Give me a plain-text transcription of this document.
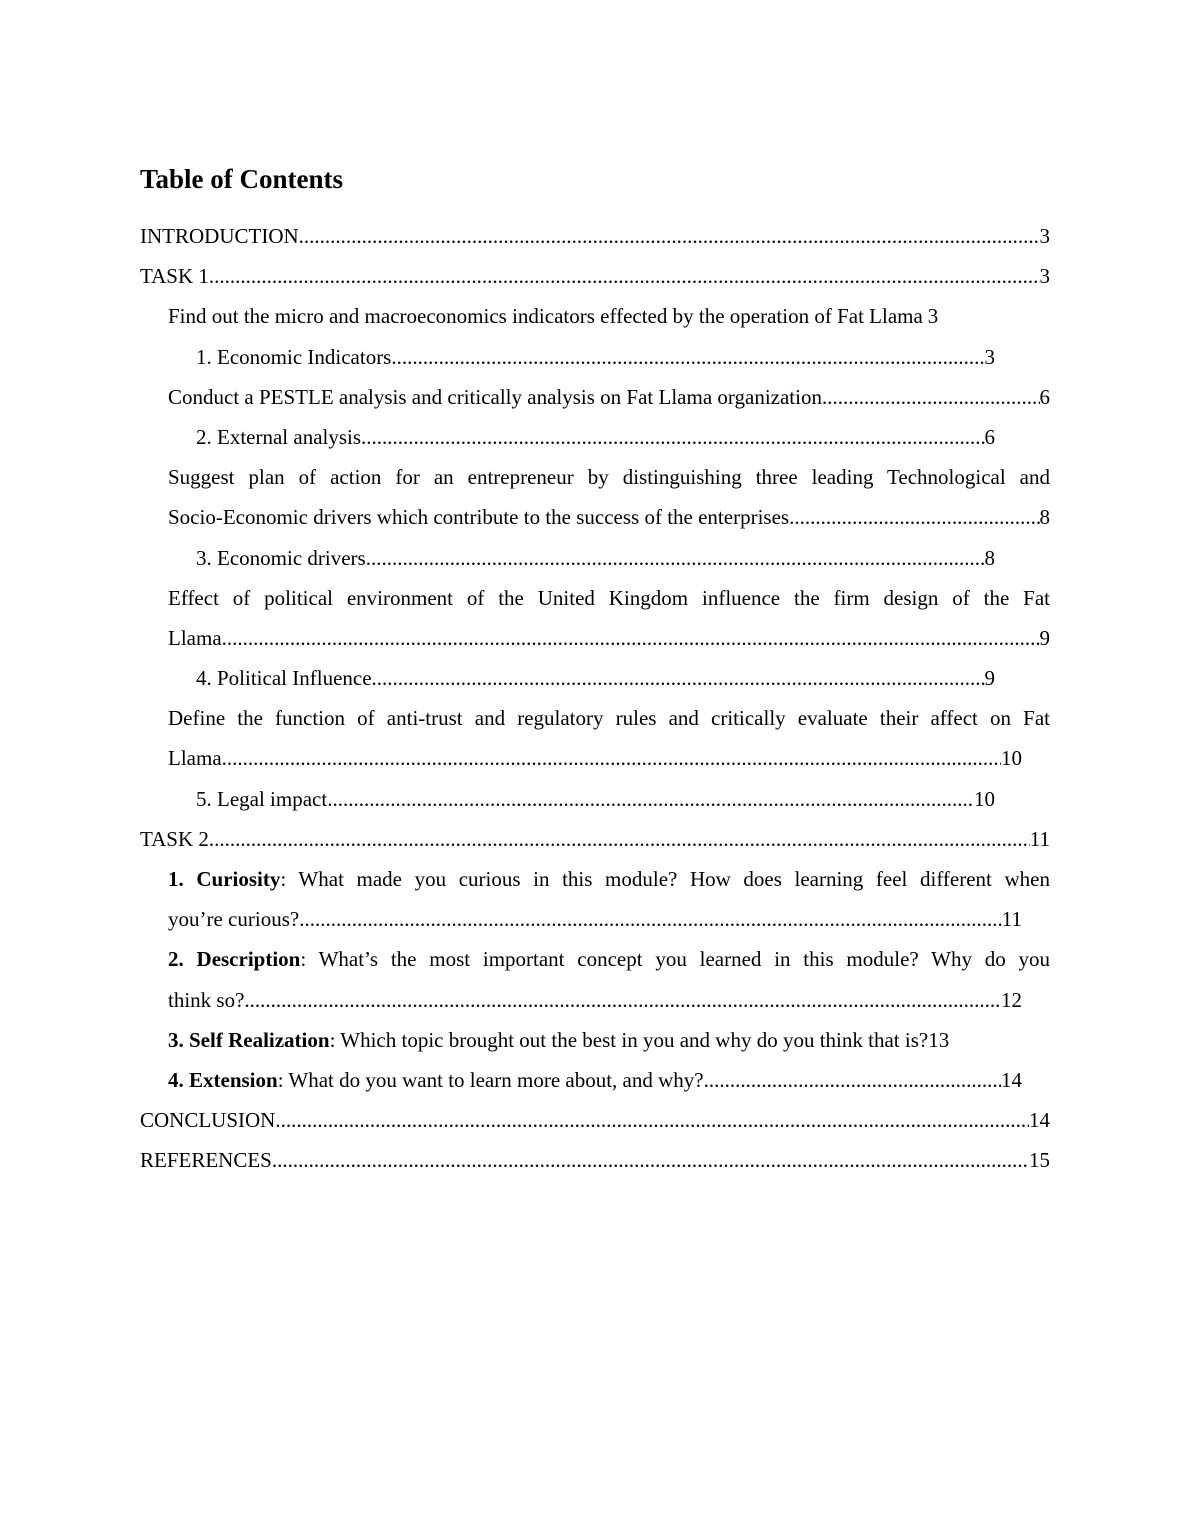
Table of Contents
INTRODUCTION .....	3
TASK 1 .....	3
Find out the micro and macroeconomics indicators effected by the operation of Fat Llama 3
1. Economic Indicators .....	3
Conduct a PESTLE analysis and critically analysis on Fat Llama organization .....	6
2. External analysis .....	6
Suggest plan of action for an entrepreneur by distinguishing three leading Technological and
Socio-Economic drivers which contribute to the success of the enterprises .....	8
3. Economic drivers .....	8
Effect of political environment of the United Kingdom influence the firm design of the Fat
Llama .....	9
4. Political Influence .....	9
Define the function of anti-trust and regulatory rules and critically evaluate their affect on Fat
Llama .....	10
5. Legal impact .....	10
TASK 2 .....	11
1. Curiosity: What made you curious in this module? How does learning feel different when
you’re curious? .....	11
2. Description: What’s the most important concept you learned in this module? Why do you
think so? .....	12
3. Self Realization : Which topic brought out the best in you and why do you think that is? 13
4. Extension : What do you want to learn more about, and why? .....	14
CONCLUSION .....	14
REFERENCES .....	15
